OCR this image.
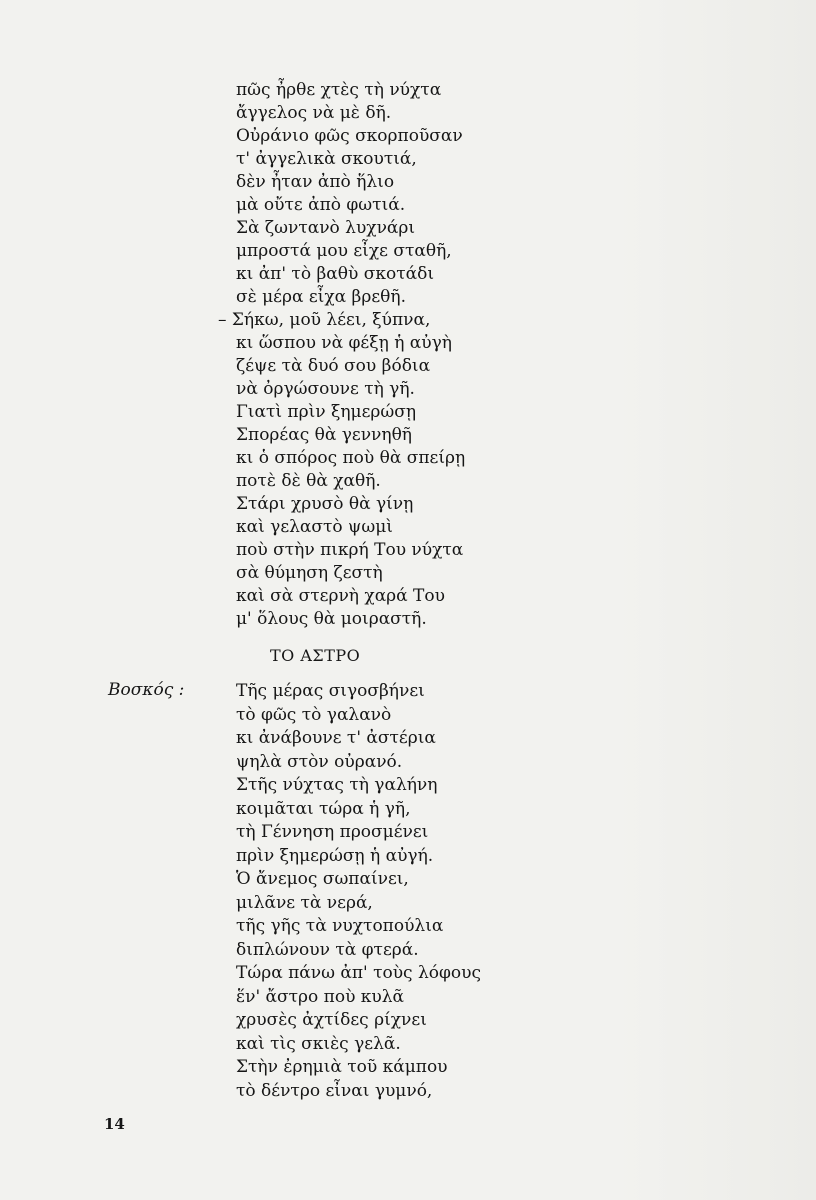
πῶς ἦρθε χτὲς τὴ νύχτα
ἄγγελος νὰ μὲ δῆ.
Οὐράνιο φῶς σκορποῦσαν
τ' ἀγγελικὰ σκουτιά,
δὲν ἦταν ἀπὸ ἥλιο
μὰ οὔτε ἀπὸ φωτιά.
Σὰ ζωντανὸ λυχνάρι
μπροστά μου εἶχε σταθῆ,
κι ἀπ' τὸ βαθὺ σκοτάδι
σὲ μέρα εἶχα βρεθῆ.
– Σήκω, μοῦ λέει, ξύπνα,
κι ὥσπου νὰ φέξῃ ἡ αὐγὴ
ζέψε τὰ δυό σου βόδια
νὰ ὀργώσουνε τὴ γῆ.
Γιατὶ πρὶν ξημερώσῃ
Σπορέας θὰ γεννηθῆ
κι ὁ σπόρος ποὺ θὰ σπείρῃ
ποτὲ δὲ θὰ χαθῆ.
Στάρι χρυσὸ θὰ γίνῃ
καὶ γελαστὸ ψωμὶ
ποὺ στὴν πικρή Του νύχτα
σὰ θύμηση ζεστὴ
καὶ σὰ στερνὴ χαρά Του
μ' ὅλους θὰ μοιραστῆ.
ΤΟ ΑΣΤΡΟ
Βοσκός :	Τῆς μέρας σιγοσβήνει
τὸ φῶς τὸ γαλανὸ
κι ἀνάβουνε τ' ἀστέρια
ψηλὰ στὸν οὐρανό.
Στῆς νύχτας τὴ γαλήνη
κοιμᾶται τώρα ἡ γῆ,
τὴ Γέννηση προσμένει
πρὶν ξημερώσῃ ἡ αὐγή.
Ὁ ἄνεμος σωπαίνει,
μιλᾶνε τὰ νερά,
τῆς γῆς τὰ νυχτοπούλια
διπλώνουν τὰ φτερά.
Τώρα πάνω ἀπ' τοὺς λόφους
ἕν' ἄστρο ποὺ κυλᾶ
χρυσὲς ἀχτίδες ρίχνει
καὶ τὶς σκιὲς γελᾶ.
Στὴν ἐρημιὰ τοῦ κάμπου
τὸ δέντρο εἶναι γυμνό,
14
